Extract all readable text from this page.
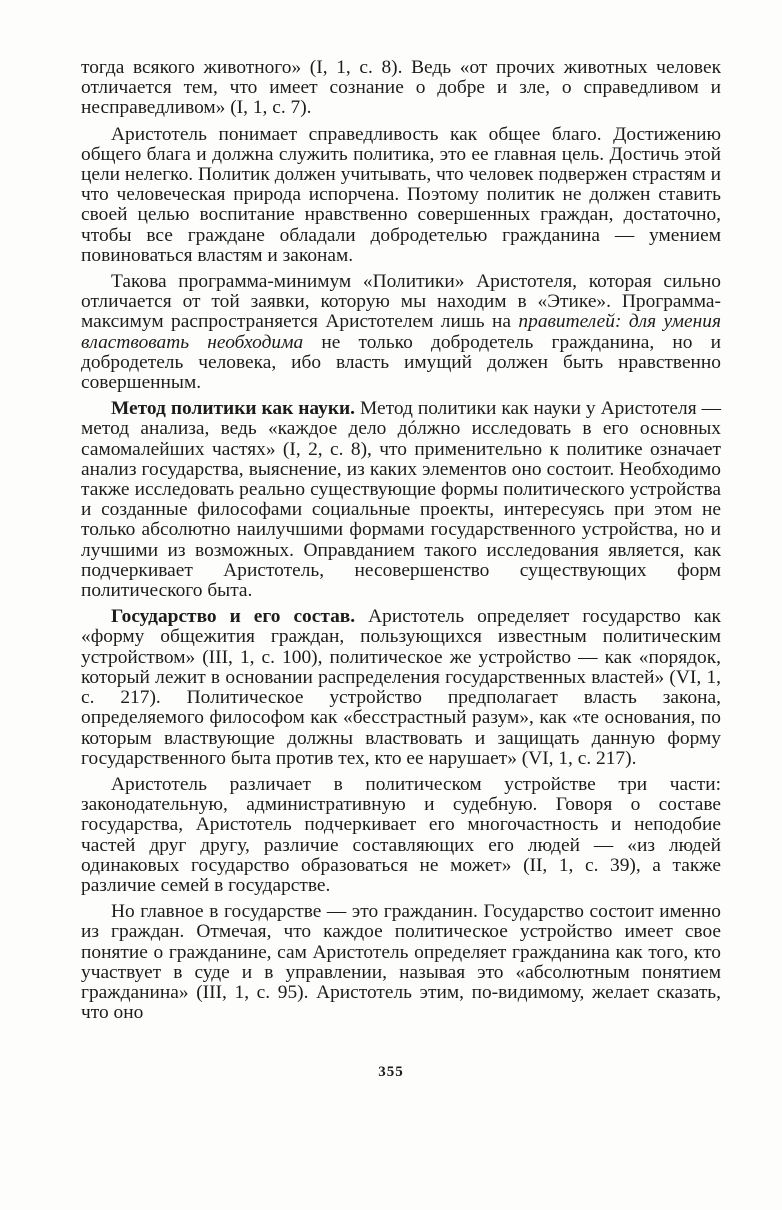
тогда всякого животного» (I, 1, с. 8). Ведь «от прочих животных человек отличается тем, что имеет сознание о добре и зле, о справедливом и несправедливом» (I, 1, с. 7).

Аристотель понимает справедливость как общее благо. Достижению общего блага и должна служить политика, это ее главная цель. Достичь этой цели нелегко. Политик должен учитывать, что человек подвержен страстям и что человеческая природа испорчена. Поэтому политик не должен ставить своей целью воспитание нравственно совершенных граждан, достаточно, чтобы все граждане обладали добродетелью гражданина — умением повиноваться властям и законам.

Такова программа-минимум «Политики» Аристотеля, которая сильно отличается от той заявки, которую мы находим в «Этике». Программа-максимум распространяется Аристотелем лишь на правителей: для умения властвовать необходима не только добродетель гражданина, но и добродетель человека, ибо власть имущий должен быть нравственно совершенным.

Метод политики как науки. Метод политики как науки у Аристотеля — метод анализа, ведь «каждое дело дóлжно исследовать в его основных самомалейших частях» (I, 2, с. 8), что применительно к политике означает анализ государства, выяснение, из каких элементов оно состоит. Необходимо также исследовать реально существующие формы политического устройства и созданные философами социальные проекты, интересуясь при этом не только абсолютно наилучшими формами государственного устройства, но и лучшими из возможных. Оправданием такого исследования является, как подчеркивает Аристотель, несовершенство существующих форм политического быта.

Государство и его состав. Аристотель определяет государство как «форму общежития граждан, пользующихся известным политическим устройством» (III, 1, с. 100), политическое же устройство — как «порядок, который лежит в основании распределения государственных властей» (VI, 1, с. 217). Политическое устройство предполагает власть закона, определяемого философом как «бесстрастный разум», как «те основания, по которым властвующие должны властвовать и защищать данную форму государственного быта против тех, кто ее нарушает» (VI, 1, с. 217).

Аристотель различает в политическом устройстве три части: законодательную, административную и судебную. Говоря о составе государства, Аристотель подчеркивает его многочастность и неподобие частей друг другу, различие составляющих его людей — «из людей одинаковых государство образоваться не может» (II, 1, с. 39), а также различие семей в государстве.

Но главное в государстве — это гражданин. Государство состоит именно из граждан. Отмечая, что каждое политическое устройство имеет свое понятие о гражданине, сам Аристотель определяет гражданина как того, кто участвует в суде и в управлении, называя это «абсолютным понятием гражданина» (III, 1, с. 95). Аристотель этим, по-видимому, желает сказать, что оно

355
